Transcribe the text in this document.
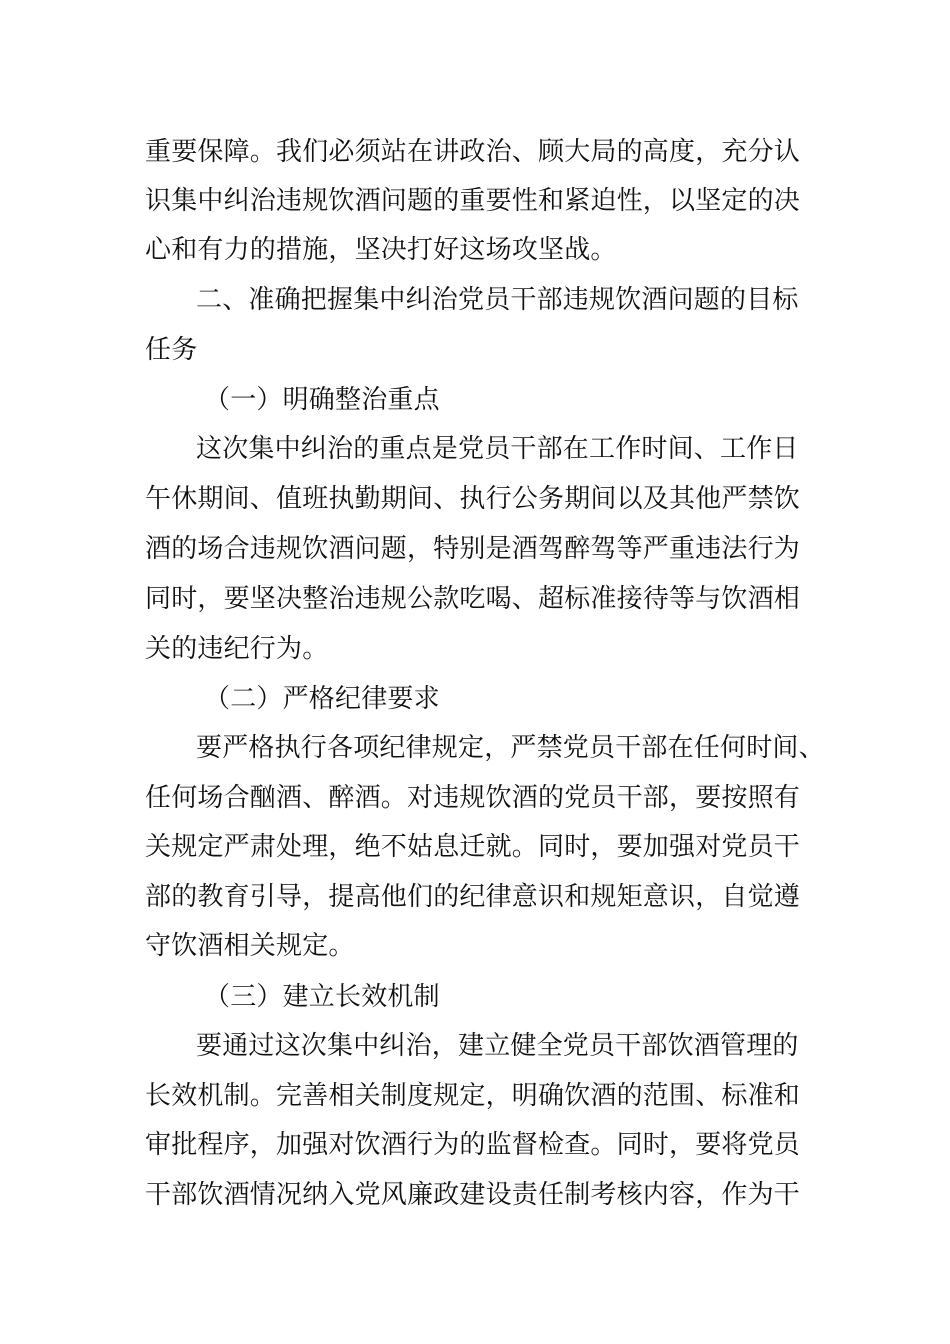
重要保障。我们必须站在讲政治、顾大局的高度，充分认
识集中纠治违规饮酒问题的重要性和紧迫性，以坚定的决
心和有力的措施，坚决打好这场攻坚战。
二、准确把握集中纠治党员干部违规饮酒问题的目标
任务
（一）明确整治重点
这次集中纠治的重点是党员干部在工作时间、工作日
午休期间、值班执勤期间、执行公务期间以及其他严禁饮
酒的场合违规饮酒问题，特别是酒驾醉驾等严重违法行为
同时，要坚决整治违规公款吃喝、超标准接待等与饮酒相
关的违纪行为。
（二）严格纪律要求
要严格执行各项纪律规定，严禁党员干部在任何时间、
任何场合酗酒、醉酒。对违规饮酒的党员干部，要按照有
关规定严肃处理，绝不姑息迁就。同时，要加强对党员干
部的教育引导，提高他们的纪律意识和规矩意识，自觉遵
守饮酒相关规定。
（三）建立长效机制
要通过这次集中纠治，建立健全党员干部饮酒管理的
长效机制。完善相关制度规定，明确饮酒的范围、标准和
审批程序，加强对饮酒行为的监督检查。同时，要将党员
干部饮酒情况纳入党风廉政建设责任制考核内容，作为干
